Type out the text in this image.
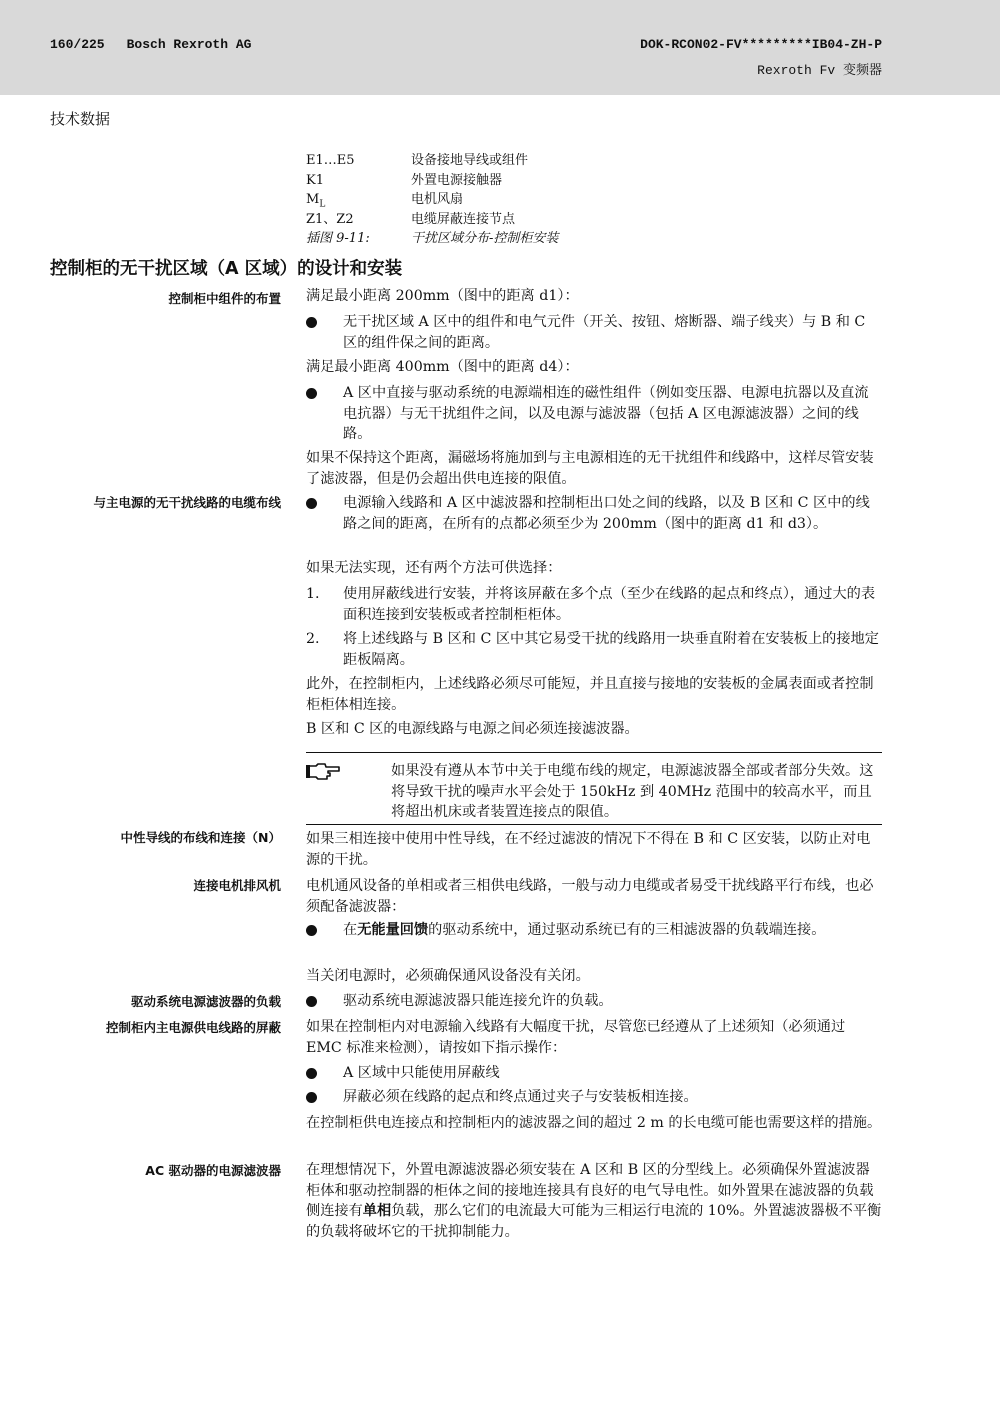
160/225 Bosch Rexroth AG	DOK-RCON02-FV*********IB04-ZH-P
Rexroth Fv 变频器
技术数据
E1…E5	设备接地导线或组件
K1	外置电源接触器
$M_L$	电机风扇
Z1、Z2	电缆屏蔽连接节点
插图 9-11:	干扰区域分布-控制柜安装
控制柜的无干扰区域（A 区域）的设计和安装
控制柜中组件的布置
与主电源的无干扰线路的电缆布线
中性导线的布线和连接（N）
连接电机排风机
驱动系统电源滤波器的负载
控制柜内主电源供电线路的屏蔽
AC 驱动器的电源滤波器
满足最小距离 200mm（图中的距离 d1）：
无干扰区域 A 区中的组件和电气元件（开关、按钮、熔断器、端子线夹）与 B 和 C 区的组件保之间的距离。
满足最小距离 400mm（图中的距离 d4）：
A 区中直接与驱动系统的电源端相连的磁性组件（例如变压器、电源电抗器以及直流电抗器）与无干扰组件之间，以及电源与滤波器（包括 A 区电源滤波器）之间的线路。
如果不保持这个距离，漏磁场将施加到与主电源相连的无干扰组件和线路中，这样尽管安装了滤波器，但是仍会超出供电连接的限值。
电源输入线路和 A 区中滤波器和控制柜出口处之间的线路，以及 B 区和 C 区中的线路之间的距离，在所有的点都必须至少为 200mm（图中的距离 d1 和 d3）。
如果无法实现，还有两个方法可供选择：
1.	使用屏蔽线进行安装，并将该屏蔽在多个点（至少在线路的起点和终点），通过大的表面积连接到安装板或者控制柜柜体。
2.	将上述线路与 B 区和 C 区中其它易受干扰的线路用一块垂直附着在安装板上的接地定距板隔离。
此外，在控制柜内，上述线路必须尽可能短，并且直接与接地的安装板的金属表面或者控制柜柜体相连接。
B 区和 C 区的电源线路与电源之间必须连接滤波器。
如果没有遵从本节中关于电缆布线的规定，电源滤波器全部或者部分失效。这将导致干扰的噪声水平会处于 150kHz 到 40MHz 范围中的较高水平，而且将超出机床或者装置连接点的限值。
如果三相连接中使用中性导线，在不经过滤波的情况下不得在 B 和 C 区安装，以防止对电源的干扰。
电机通风设备的单相或者三相供电线路，一般与动力电缆或者易受干扰线路平行布线，也必须配备滤波器：
在无能量回馈的驱动系统中，通过驱动系统已有的三相滤波器的负载端连接。
当关闭电源时，必须确保通风设备没有关闭。
驱动系统电源滤波器只能连接允许的负载。
如果在控制柜内对电源输入线路有大幅度干扰，尽管您已经遵从了上述须知（必须通过 EMC 标准来检测），请按如下指示操作：
A 区域中只能使用屏蔽线
屏蔽必须在线路的起点和终点通过夹子与安装板相连接。
在控制柜供电连接点和控制柜内的滤波器之间的超过 2 m 的长电缆可能也需要这样的措施。
在理想情况下，外置电源滤波器必须安装在 A 区和 B 区的分型线上。必须确保外置滤波器柜体和驱动控制器的柜体之间的接地连接具有良好的电气导电性。如外置果在滤波器的负载侧连接有单相负载，那么它们的电流最大可能为三相运行电流的 10%。外置滤波器极不平衡的负载将破坏它的干扰抑制能力。
